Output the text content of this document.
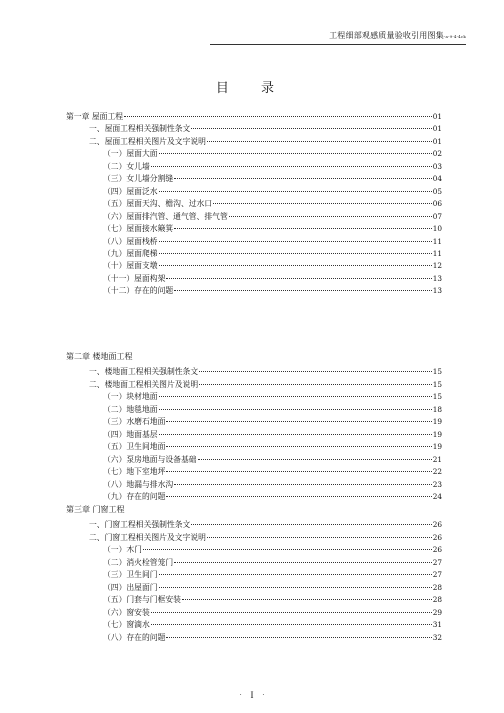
工程细部观感质量验收引用图集-a-9-4-4ck
目 录
第一章 屋面工程	01
一、屋面工程相关强制性条文	01
二、屋面工程相关图片及文字说明	01
（一）屋面大面	02
（二）女儿墙	03
（三）女儿墙分割缝	04
（四）屋面泛水	05
（五）屋面天沟、檐沟、过水口	06
（六）屋面排汽管、通气管、排气管	07
（七）屋面接水簸箕	10
（八）屋面栈桥	11
（九）屋面爬梯	11
（十）屋面支墩	12
（十一）屋面构架	13
（十二）存在的问题	13
第二章 楼地面工程
一、楼地面工程相关强制性条文	15
二、楼地面工程相关图片及说明	15
（一）块材地面	15
（二）地毯地面	18
（三）水磨石地面	19
（四）地面基层	19
（五）卫生间地面	19
（六）泵房地面与设备基础	21
（七）地下室地坪	22
（八）地漏与排水沟	23
（九）存在的问题	24
第三章 门窗工程
一、门窗工程相关强制性条文	26
二、门窗工程相关图片及文字说明	26
（一）木门	26
（二）消火栓管笼门	27
（三）卫生间门	27
（四）出屋面门	28
（五）门套与门框安装	28
（六）窗安装	29
（七）窗滴水	31
（八）存在的问题	32
· I ·
